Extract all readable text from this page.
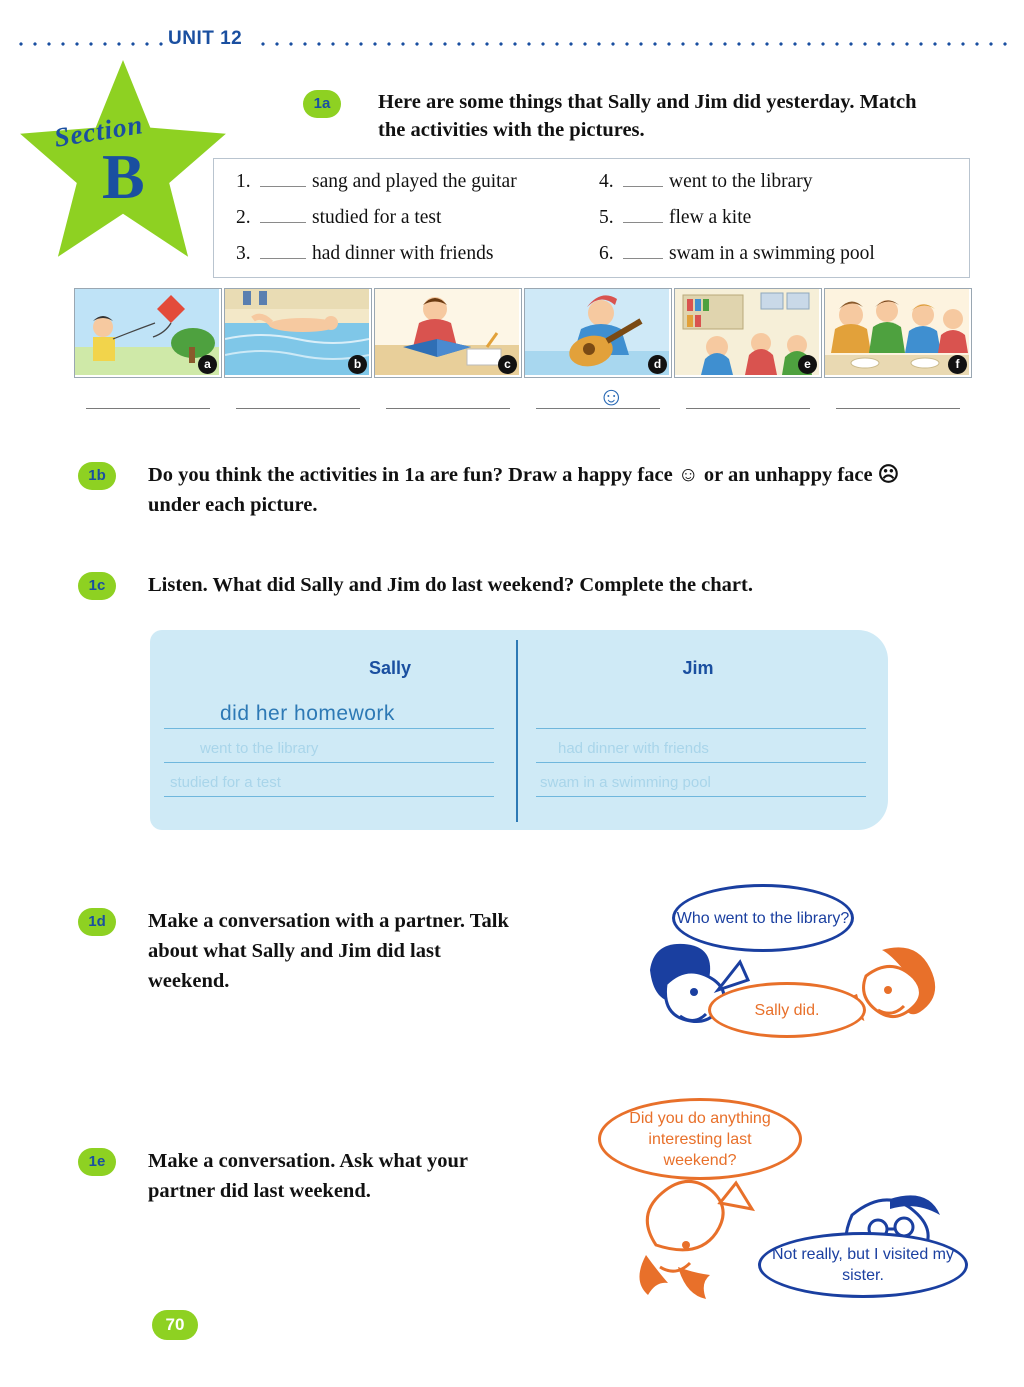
UNIT 12
Section
B
1a	Here are some things that Sally and Jim did yesterday. Match the activities with the pictures.
1.	sang and played the guitar
2.	studied for a test
3.	had dinner with friends
4.	went to the library
5.	flew a kite
6.	swam in a swimming pool
a	b	c	d	e	f
☺
1b	Do you think the activities in 1a are fun? Draw a happy face ☺ or an unhappy face ☹ under each picture.
1c	Listen. What did Sally and Jim do last weekend? Complete the chart.
Sally	Jim
did her homework
went to the library	had dinner with friends
studied for a test	swam in a swimming pool
1d	Make a conversation with a partner. Talk about what Sally and Jim did last weekend.
Who went to the library?
Sally did.
1e	Make a conversation. Ask what your partner did last weekend.
Did you do anything interesting last weekend?
Not really, but I visited my sister.
70
